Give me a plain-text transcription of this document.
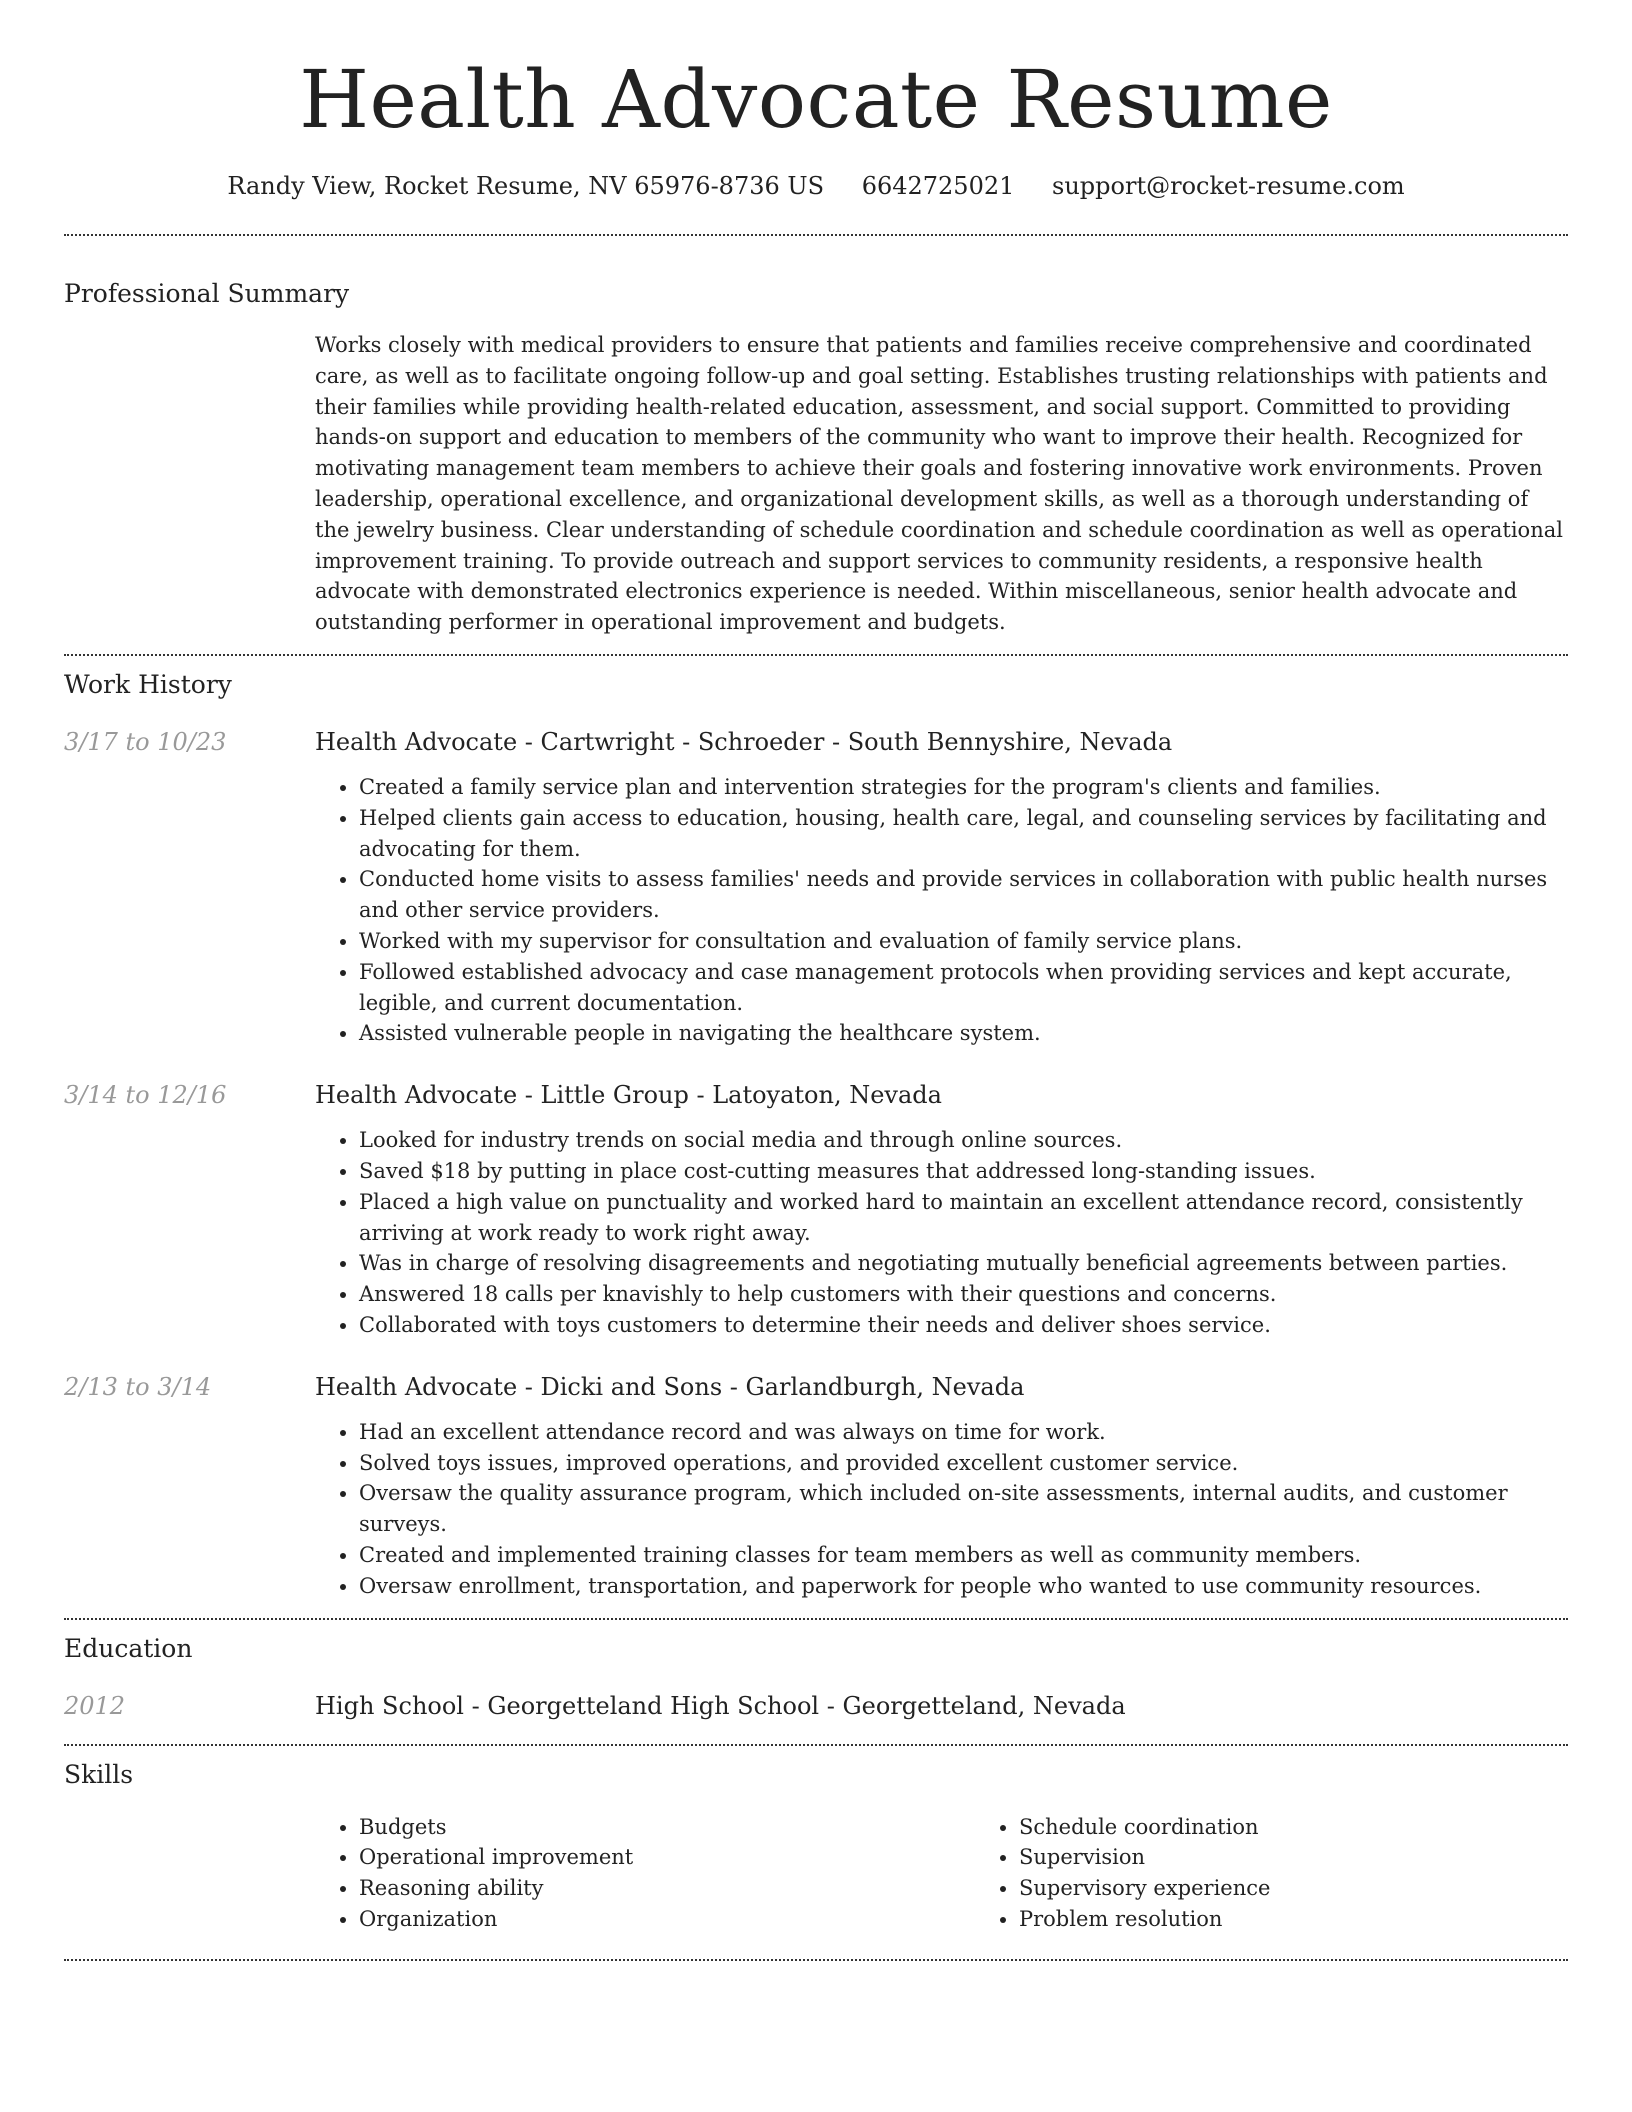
Health Advocate Resume
Randy View, Rocket Resume, NV 65976-8736 US 6642725021 support@rocket-resume.com
Professional Summary

Works closely with medical providers to ensure that patients and families receive comprehensive and coordinated care, as well as to facilitate ongoing follow-up and goal setting. Establishes trusting relationships with patients and their families while providing health-related education, assessment, and social support. Committed to providing hands-on support and education to members of the community who want to improve their health. Recognized for motivating management team members to achieve their goals and fostering innovative work environments. Proven leadership, operational excellence, and organizational development skills, as well as a thorough understanding of the jewelry business. Clear understanding of schedule coordination and schedule coordination as well as operational improvement training. To provide outreach and support services to community residents, a responsive health advocate with demonstrated electronics experience is needed. Within miscellaneous, senior health advocate and outstanding performer in operational improvement and budgets.

Work History
3/17 to 10/23	Health Advocate - Cartwright - Schroeder - South Bennyshire, Nevada
• Created a family service plan and intervention strategies for the program's clients and families.
• Helped clients gain access to education, housing, health care, legal, and counseling services by facilitating and advocating for them.
• Conducted home visits to assess families' needs and provide services in collaboration with public health nurses and other service providers.
• Worked with my supervisor for consultation and evaluation of family service plans.
• Followed established advocacy and case management protocols when providing services and kept accurate, legible, and current documentation.
• Assisted vulnerable people in navigating the healthcare system.
3/14 to 12/16	Health Advocate - Little Group - Latoyaton, Nevada
• Looked for industry trends on social media and through online sources.
• Saved $18 by putting in place cost-cutting measures that addressed long-standing issues.
• Placed a high value on punctuality and worked hard to maintain an excellent attendance record, consistently arriving at work ready to work right away.
• Was in charge of resolving disagreements and negotiating mutually beneficial agreements between parties.
• Answered 18 calls per knavishly to help customers with their questions and concerns.
• Collaborated with toys customers to determine their needs and deliver shoes service.
2/13 to 3/14	Health Advocate - Dicki and Sons - Garlandburgh, Nevada
• Had an excellent attendance record and was always on time for work.
• Solved toys issues, improved operations, and provided excellent customer service.
• Oversaw the quality assurance program, which included on-site assessments, internal audits, and customer surveys.
• Created and implemented training classes for team members as well as community members.
• Oversaw enrollment, transportation, and paperwork for people who wanted to use community resources.
Education
2012	High School - Georgetteland High School - Georgetteland, Nevada
Skills
• Budgets
• Operational improvement
• Reasoning ability
• Organization
• Schedule coordination
• Supervision
• Supervisory experience
• Problem resolution
